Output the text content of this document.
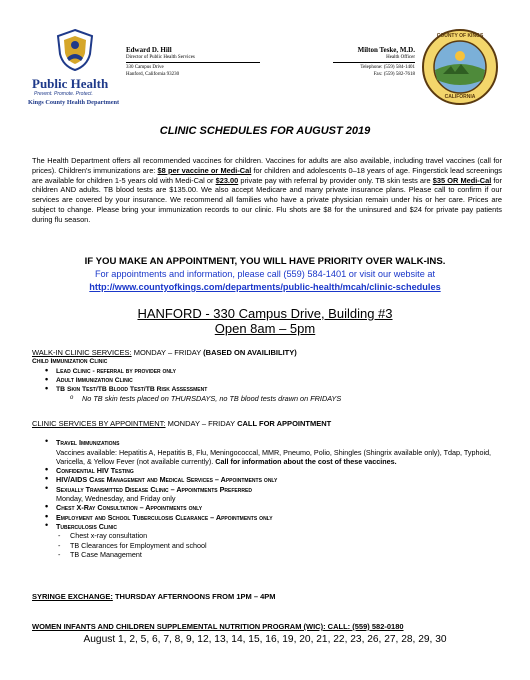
Public Health
Prevent. Promote. Protect.
Kings County Health Department
Edward D. Hill
Director of Public Health Services
330 Campus Drive
Hanford, California 93230
Milton Teske, M.D.
Health Officer
Telephone: (559) 584-1401
Fax: (559) 582-7618
COUNTY OF KINGS
CALIFORNIA
CLINIC SCHEDULES FOR AUGUST 2019
The Health Department offers all recommended vaccines for children. Vaccines for adults are also available, including travel vaccines (call for prices). Children's immunizations are: $8 per vaccine or Medi-Cal for children and adolescents 0–18 years of age. Fingerstick lead screenings are available for children 1-5 years old with Medi-Cal or $23.00 private pay with referral by provider only. TB skin tests are $35 OR Medi-Cal for children AND adults. TB blood tests are $135.00. We also accept Medicare and many private insurance plans. Please call to confirm if our services are covered by your insurance. We recommend all families who have a private physician remain under his or her care. Prices are subject to change. Please bring your immunization records to our clinic. Flu shots are $8 for the uninsured and $24 for private pay patients during flu season.
IF YOU MAKE AN APPOINTMENT, YOU WILL HAVE PRIORITY OVER WALK-INS.
For appointments and information, please call (559) 584-1401 or visit our website at
http://www.countyofkings.com/departments/public-health/mcah/clinic-schedules
HANFORD - 330 Campus Drive, Building #3
Open 8am – 5pm
WALK-IN CLINIC SERVICES: MONDAY – FRIDAY (BASED ON AVAILIBILITY)
Child Immunization Clinic
• Lead Clinic - referral by provider only
• Adult Immunization Clinic
• TB Skin Test/TB Blood Test/TB Risk Assessment
o No TB skin tests placed on THURSDAYS, no TB blood tests drawn on FRIDAYS
CLINIC SERVICES BY APPOINTMENT: MONDAY – FRIDAY CALL FOR APPOINTMENT
• Travel Immunizations
Vaccines available: Hepatitis A, Hepatitis B, Flu, Meningococcal, MMR, Pneumo, Polio, Shingles (Shingrix available only), Tdap, Typhoid, Varicella, & Yellow Fever (not available currently). Call for information about the cost of these vaccines.
• Confidential HIV Testing
• HIV/AIDS Case Management and Medical Services – Appointments only
• Sexually Transmitted Disease Clinic – Appointments Preferred
Monday, Wednesday, and Friday only
• Chest X-Ray Consultation – Appointments only
• Employment and School Tuberculosis Clearance – Appointments only
• Tuberculosis Clinic
- Chest x-ray consultation
- TB Clearances for Employment and school
- TB Case Management
SYRINGE EXCHANGE: THURSDAY AFTERNOONS FROM 1PM – 4PM
WOMEN INFANTS AND CHILDREN SUPPLEMENTAL NUTRITION PROGRAM (WIC): CALL: (559) 582-0180
August 1, 2, 5, 6, 7, 8, 9, 12, 13, 14, 15, 16, 19, 20, 21, 22, 23, 26, 27, 28, 29, 30
